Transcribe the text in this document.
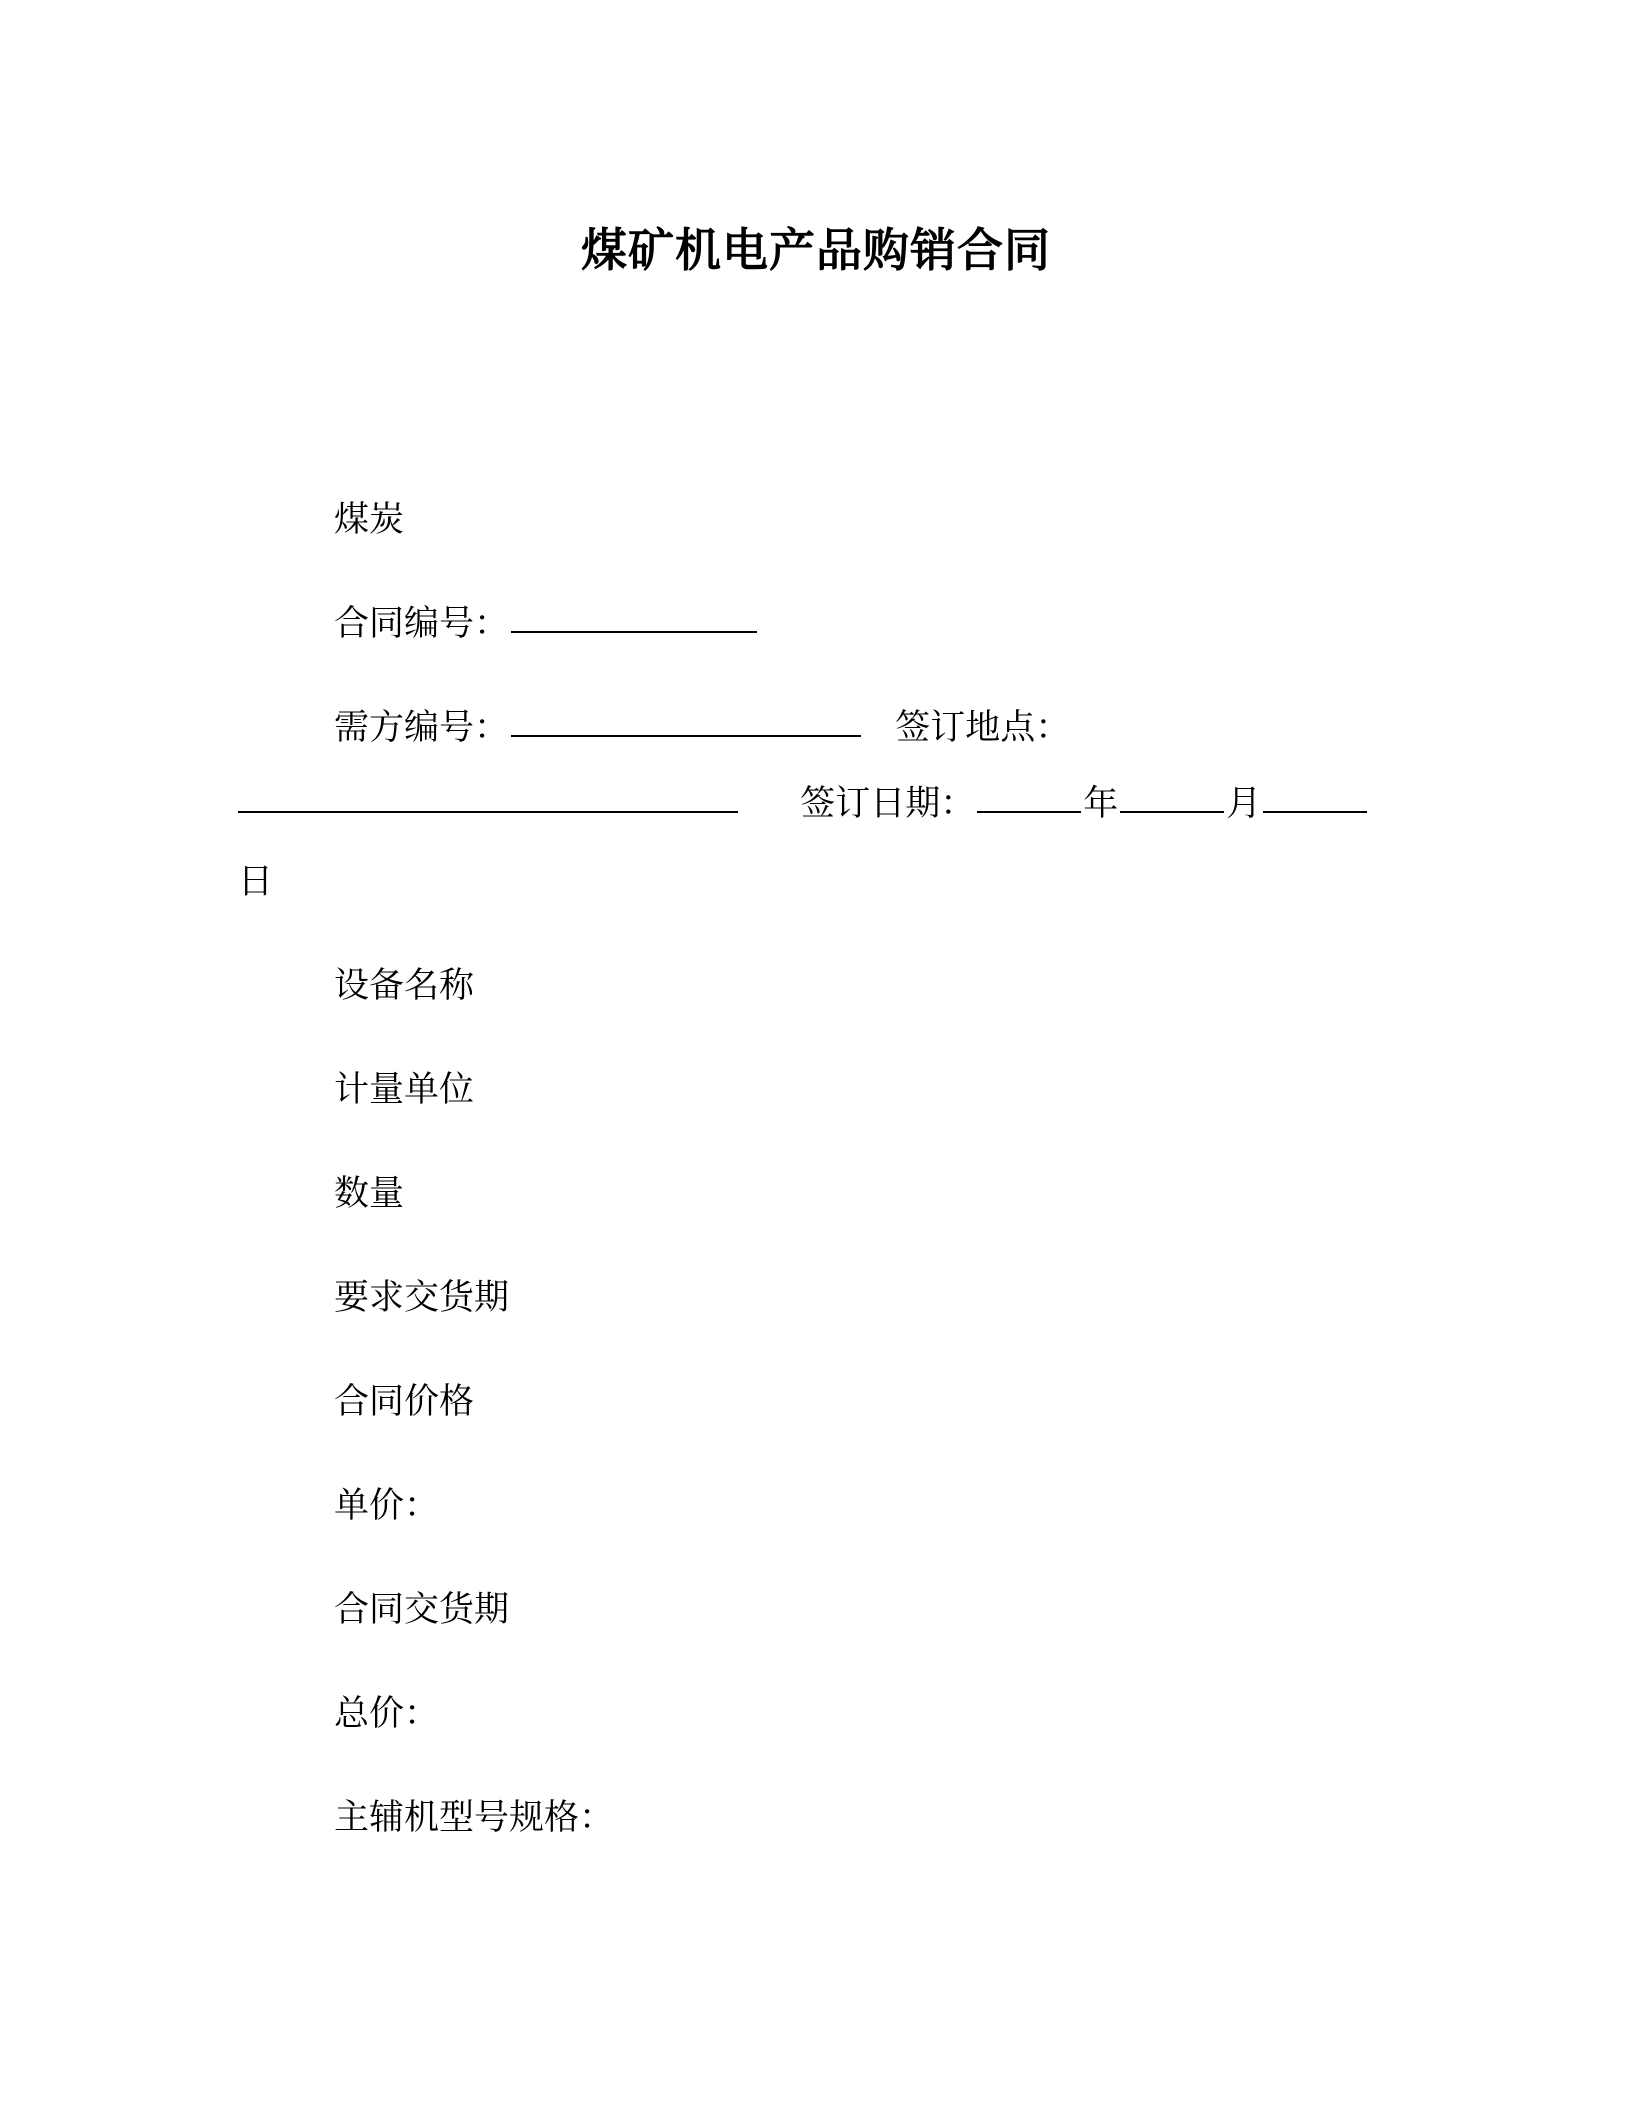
煤矿机电产品购销合同
煤炭
合同编号：
需方编号：	签订地点：
签订日期：	年	月
日
设备名称
计量单位
数量
要求交货期
合同价格
单价：
合同交货期
总价：
主辅机型号规格：
